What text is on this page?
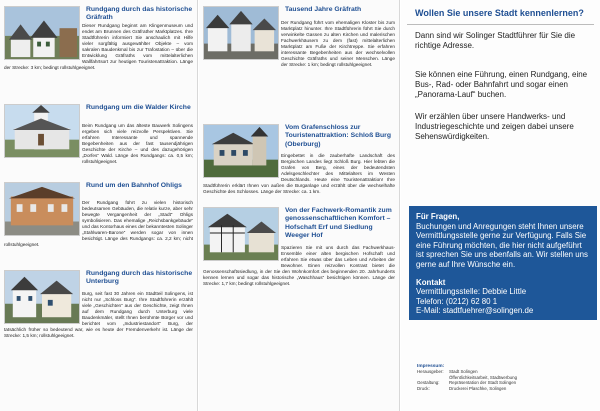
Rundgang durch das historische Gräfrath
Dieser Rundgang beginnt am Klingenmuseum und endet am Brunnen des Gräfrather Marktplatzes. Ihre Stadtführerin informiert Sie anschaulich mit Hilfe vieler sorgfältig ausgewählter Objekte – vom sakralen Baudenkmal bis zur Trafostation – über die Entwicklung Gräfraths vom mittelalterlichen Wallfahrtsort zur heutigen Touristenattraktion. Länge der Strecke: 3 km; bedingt rollstuhlgeeignet.
Rundgang um die Walder Kirche
Beim Rundgang um das älteste Bauwerk Solingens ergeben sich viele reizvolle Perspektiven. Sie erfahren Interessante und spannende Begebenheiten aus der fast tausendjährigen Geschichte der Kirche – und des dazugehörigen „Dorfes“ Wald. Länge des Rundgangs: ca. 0,5 km; rollstuhlgeeignet.
Rund um den Bahnhof Ohligs
Der Rundgang führt zu vielen historisch bedeutsamen Gebäuden, die relativ kurze, aber sehr bewegte Vergangenheit der „Stadt“ Ohligs symbolisieren. Das ehemalige „Reichsbankgebäude“ und das Kontorhaus eines der bekanntesten Solinger „Stahlwaren-Barone“ werden sogar von innen besichtigt. Länge des Rundgangs: ca. 2,2 km; nicht rollstuhlgeeignet.
Rundgang durch das historische Unterburg
Burg, seit fast 30 Jahren ein Stadtteil Solingens, ist nicht nur „Schloss Burg“. Ihre Stadtführerin erzählt viele „Geschichten“ aus der Geschichte, zeigt Ihnen auf dem Rundgang durch Unterburg viele Baudenkmäler, stellt Ihnen berühmte Bürger vor und berichtet vom „Industriestandort“ Burg, der tatsächlich früher so bedeutend war, wie es heute der Fremdenverkehr ist. Länge der Strecke: 1,5 km; rollstuhlgeeignet.
Tausend Jahre Gräfrath
Der Rundgang führt vom ehemaligen Kloster bis zum Marktplatz hinunter. Ihre Stadtführerin führt Sie durch verwinkelte Gassen zu alten Kirchen und malerischen Fachwerkhäusern zu dem (fast) mittelalterlichen Marktplatz am Fuße der Kirchtreppe. Sie erfahren interessante Begebenheiten aus der wechselvollen Geschichte Gräfraths und seiner Menschen. Länge der Strecke: 1 km; bedingt rollstuhlgeeignet.
Vom Grafenschloss zur Touristenattraktion: Schloß Burg (Oberburg)
Eingebettet in die zauberhafte Landschaft des Bergischen Landes liegt Schloß Burg. Hier lebten die Grafen von Berg, eines der bedeutendsten Adelsgeschlechter des Mittelalters im Westen Deutschlands. Heute eine Touristenattraktion! Ihre Stadtführerin erklärt Ihnen von außen die Burganlage und erzählt über die wechselhafte Geschichte des Schlosses. Länge der Strecke: ca. 1 km.
Von der Fachwerk-Romantik zum genossenschaftlichen Komfort – Hofschaft Erf und Siedlung Weeger Hof
Spazieren Sie mit uns durch das Fachwerkhaus-Ensemble einer alten bergischen Hofschaft und erfahren Sie etwas über das Leben und Arbeiten der Bewohner. Einen reizvollen Kontrast bietet die Genossenschaftssiedlung, in der Sie den Wohnkomfort des beginnenden 20. Jahrhunderts kennen lernen und sogar das historische „Waschhaus“ besichtigen können. Länge der Strecke: 1,7 km; bedingt rollstuhlgeeignet.
Wollen Sie unsere Stadt kennenlernen?
Dann sind wir Solinger Stadtführer für Sie die richtige Adresse.
Sie können eine Führung, einen Rundgang, eine Bus-, Rad- oder Bahnfahrt und sogar einen „Panorama-Lauf“ buchen.
Wir erzählen über unsere Handwerks- und Industriegeschichte und zeigen dabei unsere Sehenswürdigkeiten.
Für Fragen,
Buchungen und Anregungen steht Ihnen unsere Vermittlungsstelle gerne zur Verfügung. Falls Sie eine Führung möchten, die hier nicht aufgeführt ist sprechen Sie uns ebenfalls an. Wir stellen uns gerne auf Ihre Wünsche ein.
Kontakt
Vermittlungsstelle: Debbie Little
Telefon: (0212) 62 80 1
E-Mail: stadtfuehrer@solingen.de
Impressum:
Herausgeber:	Stadt Solingen
Öffentlichkeitsarbeit, Stadtwerbung
Gestaltung:	Repräsentation der Stadt Solingen
Druck:	Druckerei Plaschke, Solingen
